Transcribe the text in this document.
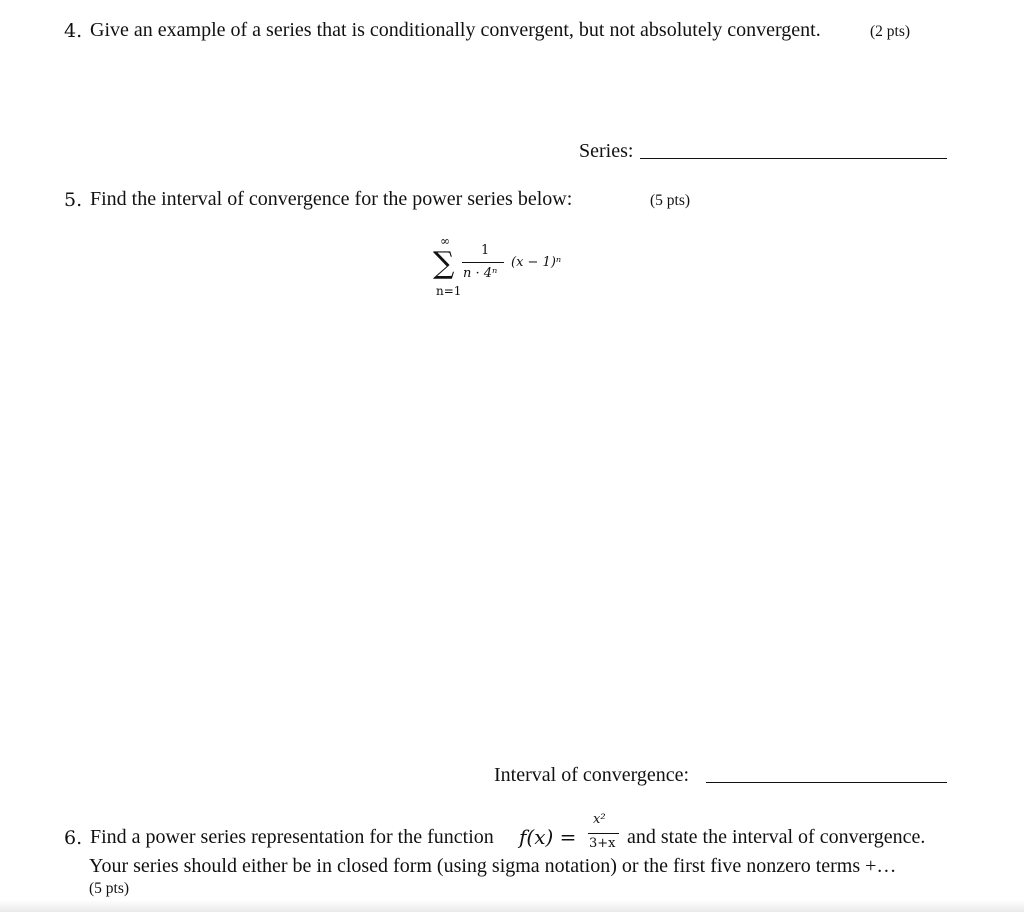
4. Give an example of a series that is conditionally convergent, but not absolutely convergent.	(2 pts)
Series:
5. Find the interval of convergence for the power series below:	(5 pts)
∞
∑
n=1
1
n · 4ⁿ
(x − 1)ⁿ
Interval of convergence:
6. Find a power series representation for the function f(x) =
x²
3+x and state the interval of convergence.
Your series should either be in closed form (using sigma notation) or the first five nonzero terms +…
(5 pts)
